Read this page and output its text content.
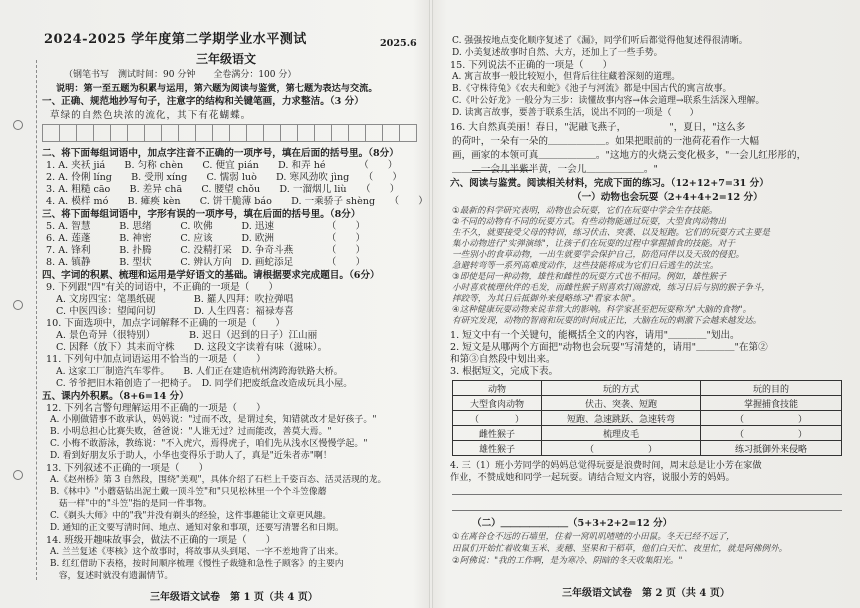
2024-2025 学年度第二学期学业水平测试	2025.6
三年级语文
（钢笔书写　测试时间：90 分钟　　全卷满分：100 分）
说明：第一至五题为积累与运用，第六题为阅读与鉴赏，第七题为表达与交流。
一、正确、规范地抄写句子，注意字的结构和关键笔画，力求整洁。（3 分）
草绿的自然色块浓的流化，其下有花蝴蝶。
二、将下面每组词语中，加点字注音不正确的一项序号，填在后面的括号里。（8分）
1. A. 夹袄 jiá　　B. 匀称 chèn　　C. 便宜 pián　　D. 和弄 hé　　　　（　　）
2. A. 伶俐 líng　　B. 受刑 xíng　　C. 懦弱 luò　　D. 寒风劲吹 jìng　　（　　）
3. A. 粗糙 cāo　　B. 差异 chā　　C. 腰望 chǒu　　D. 一溜烟儿 liù　　（　　）
4. A. 模样 mó　　B. 瘫痪 kèn　　C. 饼干脆薄 báo　　D. 一乘骄子 shèng　　（　　）
三、将下面每组词语中，字形有误的一项序号，填在后面的括号里。（8分）
5. A. 智慧　　　B. 思绪　　　C. 吹佛　　　D. 迅速　　　　　　（　　）
6. A. 莲蓬　　　B. 神密　　　C. 应该　　　D. 欧洲　　　　　　（　　）
7. A. 锋利　　　B. 扑腾　　　C. 没精打采　D. 争奇斗燕　　　　（　　）
8. A. 镇静　　　B. 型状　　　C. 辨认方向　D. 画蛇添足　　　　（　　）
四、字词的积累、梳理和运用是学好语文的基础。请根据要求完成题目。（6分）
9. 下列跟"四"有关的词语中，不正确的一项是（　　）
A. 文房四宝：笔墨纸砚　　　　B. 羅人四拜：吹拉弹唱
C. 中医四诊：望闻问切　　　　D. 人生四喜：福禄寿喜
10. 下面选项中，加点字词解释不正确的一项是（　　）
A. 景色奇异（很特别）　　　　B. 迟日（迟到的日子）江山丽
C. 因释（放下）其耒而守株　　D. 这段文字读着有味（滋味）。
11. 下列句中加点词语运用不恰当的一项是（　　）
A. 这家工厂制造汽车零件。　　B. 人们正在建造杭州湾跨海铁路大桥。
C. 爷爷把旧木箱创造了一把椅子。　D. 同学们把废纸盒改造成玩具小屋。
五、课内外积累。（8+6=14 分）
12. 下列名言警句理解运用不正确的一项是（　　）
A. 小刚做错事不敢承认，妈妈说："过而不改，是谓过矣，知错就改才是好孩子。"
B. 小明总担心比赛失败，爸爸说："人谁无过？过而能改，善莫大焉。"
C. 小梅不敢游泳，教练说："不入虎穴，焉得虎子，咱们先从浅水区慢慢学起。"
D. 看到好朋友乐于助人，小华也变得乐于助人了，真是"近朱者赤"啊！
13. 下列叙述不正确的一项是（　　）
A.《赵州桥》第 3 自然段，围绕"美观"，具体介绍了石栏上千姿百态、活灵活现的龙。
B.《林中》"小蘑菇钻出泥土戴一顶斗笠"和"只见松林里一个个斗笠像蘑
　菇一样"中的"斗笠"指的是同一件事物。
C.《剃头大师》中的"我"并没有剃头的经验，这件事趣能让文章更风趣。
D. 通知的正文要写清时间、地点、通知对象和事项，还要写清署名和日期。
14. 班级开趣味故事会，做法不正确的一项是（　　）
A. 兰兰复述《枣核》这个故事时，将故事从头到尾、一字不差地背了出来。
B. 红红借助下表格，按时间顺序梳理《慢性子裁缝和急性子顾客》的主要内
　容，复述时就没有遗漏情节。
三年级语文试卷　第 1 页（共 4 页）
C. 强强按地点变化顺序复述了《漏》，同学们听后都觉得他复述得很清晰。
D. 小美复述故事时自然、大方，还加上了一些手势。
15. 下列说法不正确的一项是（　　）
A. 寓言故事一般比较短小，但背后往往藏着深刻的道理。
B.《守株待兔》《农夫和蛇》《池子与河流》都是中国古代的寓言故事。
C.《叶公好龙》一般分为三步：读懂故事内容→体会道理→联系生活深入理解。
D. 读寓言故事，要善于联系生活，说出不同的一项是（　　）
16. 大自然真美丽！春日，"泥融飞燕子，　　　　　"，夏日，"这么多
的荷叶，一朵有一朵的＿＿＿＿＿＿。如果把眼前的一池荷花看作一大幅
画，画家的本领可真＿＿＿＿＿＿。"这地方的火烧云变化极多，"一会儿红彤彤的，
＿＿＿一会儿半紫半黄，一会儿＿＿＿＿＿＿。"
六、阅读与鉴赏。阅读相关材料，完成下面的练习。（12+12+7=31 分）
（一）动物也会玩耍（2+4+4+2=12 分）
①最新的科学研究表明，动物也会玩耍，它们在玩耍中学会生存技能。
②不同的动物有不同的玩耍方式。有些动物能通过玩耍，大型食肉动物出
生不久，就要接受父母的特训，练习伏击、突袭、以及短跑。它们的玩耍方式主要是
集小动物进行"实弹演练"，让孩子们在玩耍的过程中掌握捕食的技能。对于
一些别小的食草动物，一出生就要学会保护自己，防范同伴以及天敌的侵犯。
急避转弯等一系列高难度动作，这些技能将成为它们日后逃生的法宝。
③即使是同一种动物，雄性和雌性的玩耍方式也不相同。例如，雄性猴子
小时喜欢梳理伙伴的毛发，而雌性猴子则喜欢打闹游戏，练习日后与别的猴子争斗，
摔跤等，为其日后抵御外来侵略练习"看家本领"。
④这种健康玩耍动物来说非常大的影响。科学家甚至把玩耍称为"大脑的食物"。
有研究发现，动物的智商和玩耍的时间成正比，大脑在玩的刺激下会越来越发达。
1. 短文中有一个关键句，能概括全文的内容，请用"＿＿＿＿"划出。
2. 短文是从哪两个方面把"动物也会玩耍"写清楚的，请用"＿＿＿＿"在第②
和第③自然段中划出来。
3. 根据短文，完成下表。
动物	玩的方式	玩的目的
大型食肉动物	伏击、突袭、短跑	掌握捕食技能
（　　　　）	短跑、急速跳跃、急速转弯	（　　　　　　）
雌性猴子	梳理皮毛	（　　　　　　）
雄性猴子	（　　　　　　）	练习抵御外来侵略
4. 三（1）班小芳同学的妈妈总觉得玩耍是浪费时间，周末总是让小芳在家做
作业，不赞成她和同学一起玩耍。请结合短文内容，说服小芳的妈妈。
（二）＿＿＿＿＿＿＿（5+3+2+2=12 分）
①在离谷仓不远的石墙里，住着一窝叽叽喳喳的小田鼠。冬天已经不远了，
田鼠们开始忙着收集玉米、麦穗、坚果和干稻草，他们白天忙、夜里忙，就是阿佛例外。
②阿佛说："我的工作啊，是为寒冷、阴暗的冬天收集阳光。"
三年级语文试卷　第 2 页（共 4 页）
